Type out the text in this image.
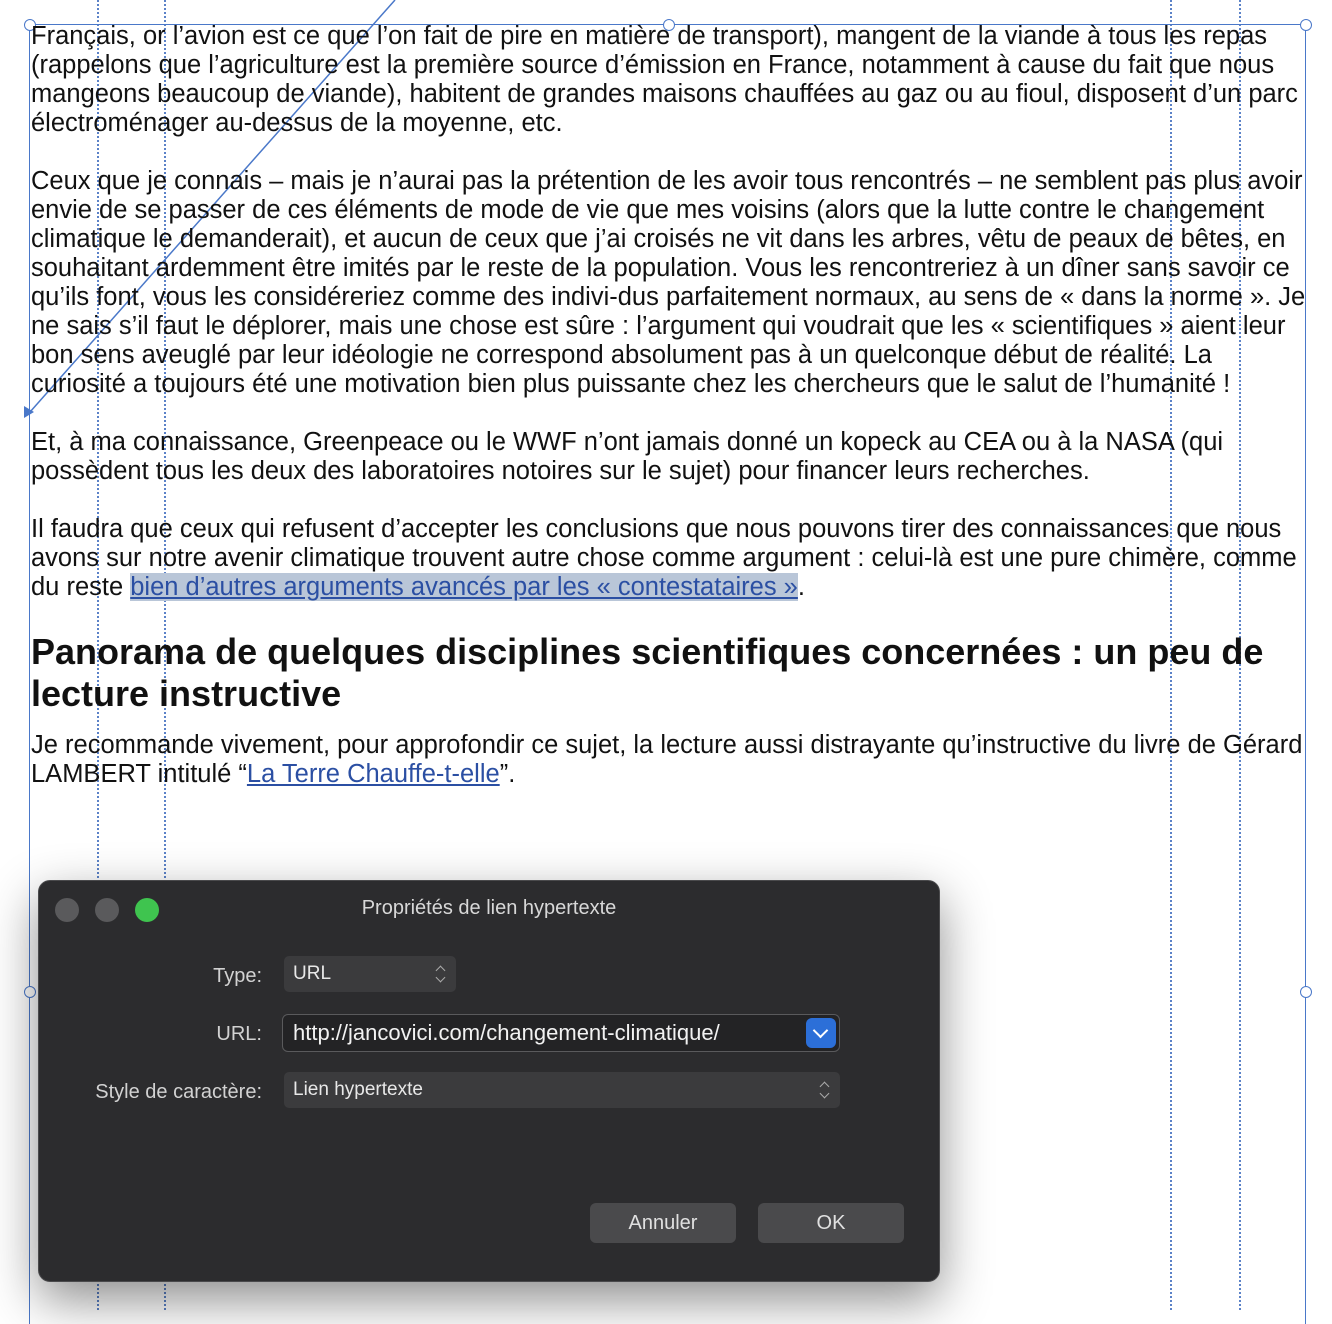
Français, or l’avion est ce que l’on fait de pire en matière de transport), mangent de la viande à tous les repas (rappelons que l’agriculture est la première source d’émission en France, notamment à cause du fait que nous mangeons beaucoup de viande), habitent de grandes maisons chauffées au gaz ou au fioul, disposent d’un parc électroménager au-dessus de la moyenne, etc.

Ceux que je connais – mais je n’aurai pas la prétention de les avoir tous rencontrés – ne semblent pas plus avoir envie de se passer de ces éléments de mode de vie que mes voisins (alors que la lutte contre le changement climatique le demanderait), et aucun de ceux que j’ai croisés ne vit dans les arbres, vêtu de peaux de bêtes, en souhaitant ardemment être imités par le reste de la population. Vous les rencontreriez à un dîner sans savoir ce qu’ils font, vous les considéreriez comme des indivi-dus parfaitement normaux, au sens de « dans la norme ». Je ne sais s’il faut le déplorer, mais une chose est sûre : l’argument qui voudrait que les « scientifiques » aient leur bon sens aveuglé par leur idéologie ne correspond absolument pas à un quelconque début de réalité. La curiosité a toujours été une motivation bien plus puissante chez les chercheurs que le salut de l’humanité !

Et, à ma connaissance, Greenpeace ou le WWF n’ont jamais donné un kopeck au CEA ou à la NASA (qui possèdent tous les deux des laboratoires notoires sur le sujet) pour financer leurs recherches.

Il faudra que ceux qui refusent d’accepter les conclusions que nous pouvons tirer des connaissances que nous avons sur notre avenir climatique trouvent autre chose comme argument : celui-là est une pure chimère, comme du reste bien d’autres arguments avancés par les « contestataires ».

Panorama de quelques disciplines scientifiques concernées : un peu de lecture instructive

Je recommande vivement, pour approfondir ce sujet, la lecture aussi distrayante qu’instructive du livre de Gérard LAMBERT intitulé “La Terre Chauffe-t-elle”.

Propriétés de lien hypertexte
Type:	URL
URL:	http://jancovici.com/changement-climatique/
Style de caractère:	Lien hypertexte
Annuler	OK
